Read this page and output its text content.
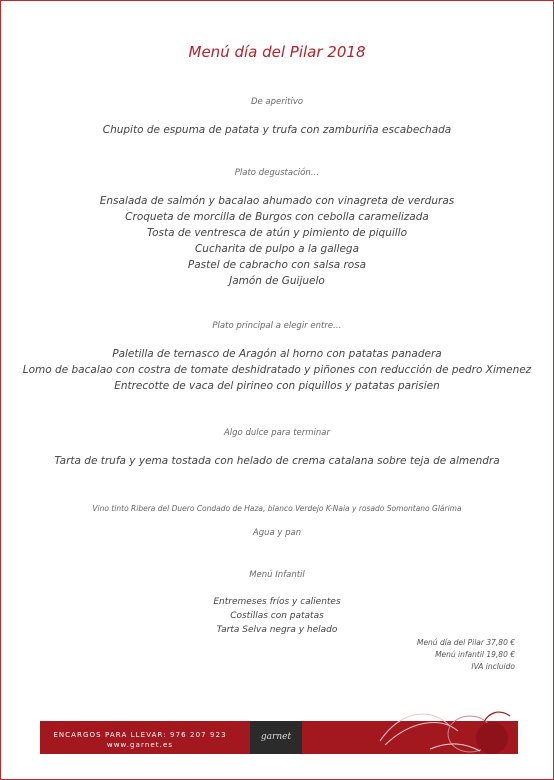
Menú día del Pilar 2018
De aperitivo
Chupito de espuma de patata y trufa con zamburiña escabechada
Plato degustación…
Ensalada de salmón y bacalao ahumado con vinagreta de verduras
Croqueta de morcilla de Burgos con cebolla caramelizada
Tosta de ventresca de atún y pimiento de piquillo
Cucharita de pulpo a la gallega
Pastel de cabracho con salsa rosa
Jamón de Guijuelo
Plato principal a elegir entre…
Paletilla de ternasco de Aragón al horno con patatas panadera
Lomo de bacalao con costra de tomate deshidratado y piñones con reducción de pedro Ximenez
Entrecotte de vaca del pirineo con piquillos y patatas parisien
Algo dulce para terminar
Tarta de trufa y yema tostada con helado de crema catalana sobre teja de almendra
Vino tinto Ribera del Duero Condado de Haza, blanco Verdejo K-Naia y rosado Somontano Glárima
Agua y pan
Menú Infantil
Entremeses fríos y calientes
Costillas con patatas
Tarta Selva negra y helado
Menú día del Pilar 37,80 €
Menú infantil 19,80 €
IVA incluido
ENCARGOS PARA LLEVAR: 976 207 923
www.garnet.es
garnet
